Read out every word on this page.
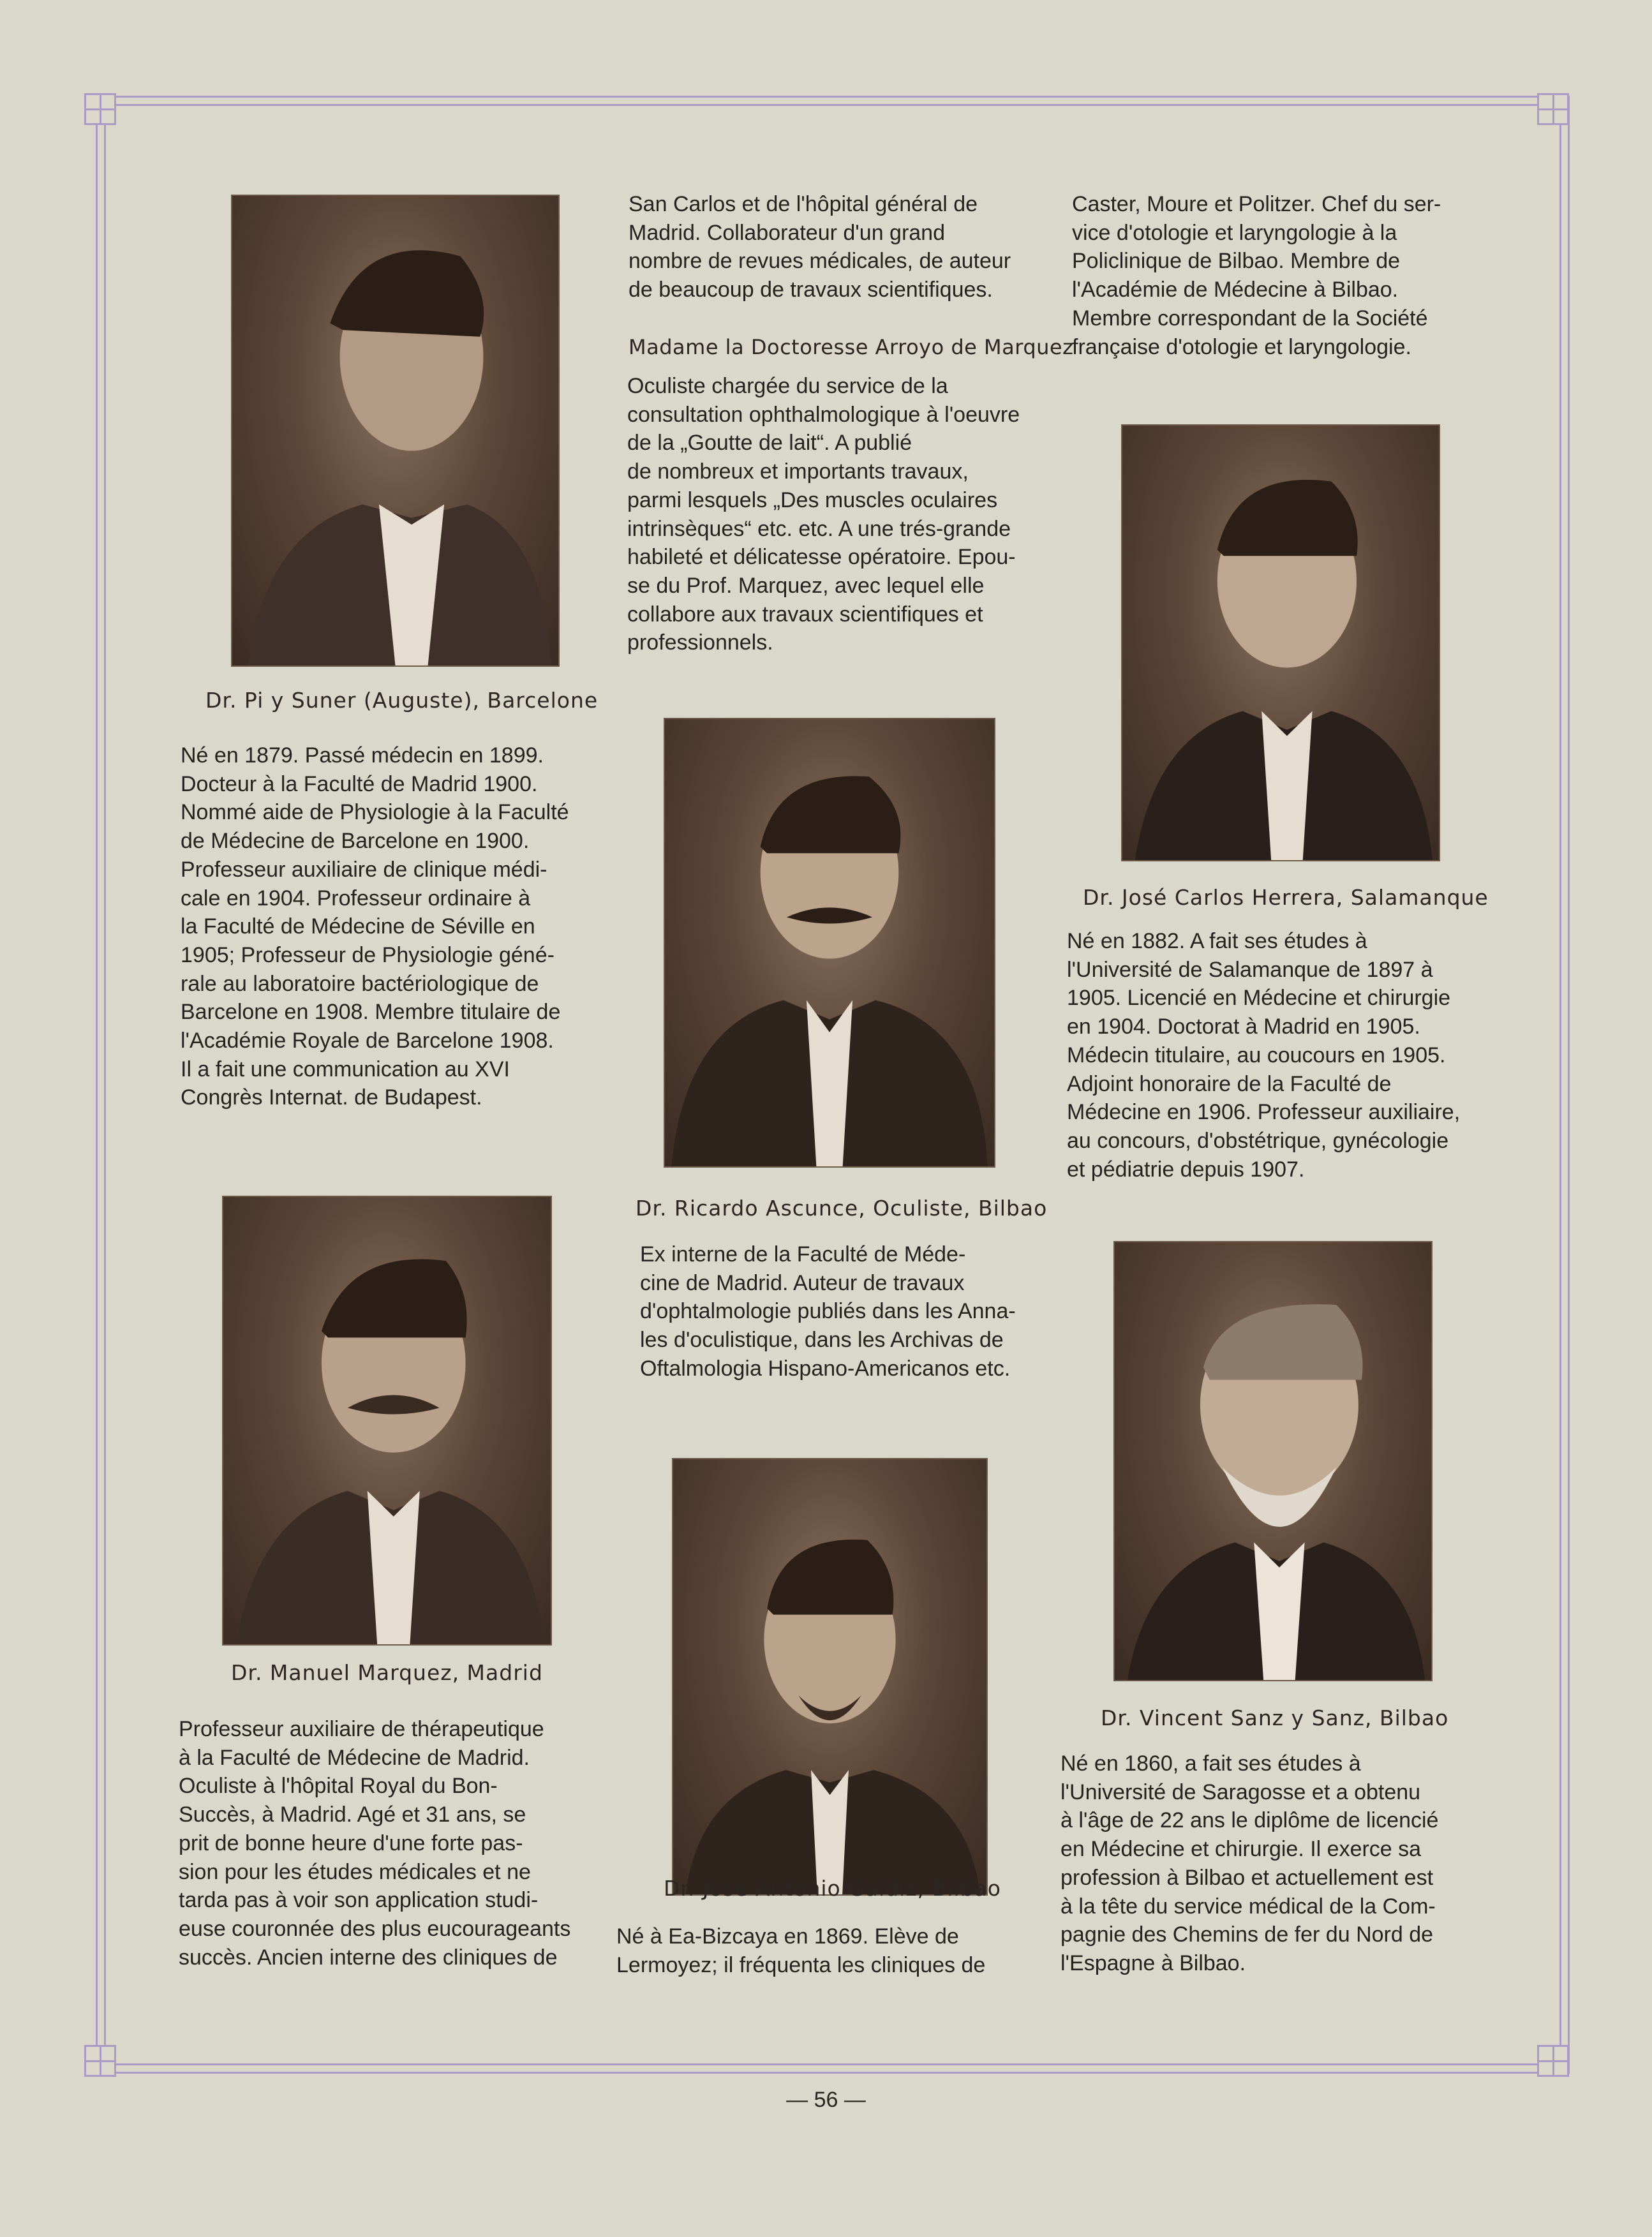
Dr. Pi y Suner (Auguste), Barcelone
Né en 1879. Passé médecin en 1899.
Docteur à la Faculté de Madrid 1900.
Nommé aide de Physiologie à la Faculté
de Médecine de Barcelone en 1900.
Professeur auxiliaire de clinique médi-
cale en 1904. Professeur ordinaire à
la Faculté de Médecine de Séville en
1905; Professeur de Physiologie géné-
rale au laboratoire bactériologique de
Barcelone en 1908. Membre titulaire de
l'Académie Royale de Barcelone 1908.
Il a fait une communication au XVI
Congrès Internat. de Budapest.
Dr. Manuel Marquez, Madrid
Professeur auxiliaire de thérapeutique
à la Faculté de Médecine de Madrid.
Oculiste à l'hôpital Royal du Bon-
Succès, à Madrid. Agé et 31 ans, se
prit de bonne heure d'une forte pas-
sion pour les études médicales et ne
tarda pas à voir son application studi-
euse couronnée des plus eucourageants
succès. Ancien interne des cliniques de
San Carlos et de l'hôpital général de
Madrid. Collaborateur d'un grand
nombre de revues médicales, de auteur
de beaucoup de travaux scientifiques.
Madame la Doctoresse Arroyo de Marquez
Oculiste chargée du service de la
consultation ophthalmologique à l'oeuvre
de la „Goutte de lait“. A publié
de nombreux et importants travaux,
parmi lesquels „Des muscles oculaires
intrinsèques“ etc. etc. A une trés-grande
habileté et délicatesse opératoire. Epou-
se du Prof. Marquez, avec lequel elle
collabore aux travaux scientifiques et
professionnels.
Dr. Ricardo Ascunce, Oculiste, Bilbao
Ex interne de la Faculté de Méde-
cine de Madrid. Auteur de travaux
d'ophtalmologie publiés dans les Anna-
les d'oculistique, dans les Archivas de
Oftalmologia Hispano-Americanos etc.
Dr. Jose Antonio Galdiz, Bilbao
Né à Ea-Bizcaya en 1869. Elève de
Lermoyez; il fréquenta les cliniques de
Caster, Moure et Politzer. Chef du ser-
vice d'otologie et laryngologie à la
Policlinique de Bilbao. Membre de
l'Académie de Médecine à Bilbao.
Membre correspondant de la Société
française d'otologie et laryngologie.
Dr. José Carlos Herrera, Salamanque
Né en 1882. A fait ses études à
l'Université de Salamanque de 1897 à
1905. Licencié en Médecine et chirurgie
en 1904. Doctorat à Madrid en 1905.
Médecin titulaire, au coucours en 1905.
Adjoint honoraire de la Faculté de
Médecine en 1906. Professeur auxiliaire,
au concours, d'obstétrique, gynécologie
et pédiatrie depuis 1907.
Dr. Vincent Sanz y Sanz, Bilbao
Né en 1860, a fait ses études à
l'Université de Saragosse et a obtenu
à l'âge de 22 ans le diplôme de licencié
en Médecine et chirurgie. Il exerce sa
profession à Bilbao et actuellement est
à la tête du service médical de la Com-
pagnie des Chemins de fer du Nord de
l'Espagne à Bilbao.
— 56 —
